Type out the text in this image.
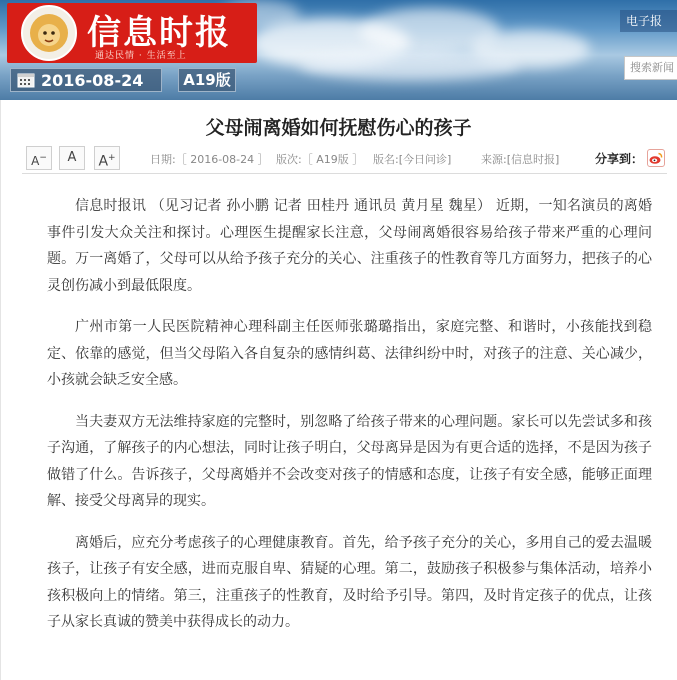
信息时报
通达民情 · 生活至上
电子报
搜索新闻
2016-08-24	A19版
父母闹离婚如何抚慰伤心的孩子
A−	A	A+	日期:［ 2016-08-24 ］ 版次:［ A19版 ］ 版名:[今日问诊]	来源:[信息时报]	分享到：

信息时报讯 （见习记者 孙小鹏 记者 田桂丹 通讯员 黄月星 魏星） 近期，一知名演员的离婚事件引发大众关注和探讨。心理医生提醒家长注意，父母闹离婚很容易给孩子带来严重的心理问题。万一离婚了，父母可以从给予孩子充分的关心、注重孩子的性教育等几方面努力，把孩子的心灵创伤减小到最低限度。

广州市第一人民医院精神心理科副主任医师张璐璐指出，家庭完整、和谐时，小孩能找到稳定、依靠的感觉，但当父母陷入各自复杂的感情纠葛、法律纠纷中时，对孩子的注意、关心减少，小孩就会缺乏安全感。

当夫妻双方无法维持家庭的完整时，别忽略了给孩子带来的心理问题。家长可以先尝试多和孩子沟通，了解孩子的内心想法，同时让孩子明白，父母离异是因为有更合适的选择，不是因为孩子做错了什么。告诉孩子，父母离婚并不会改变对孩子的情感和态度，让孩子有安全感，能够正面理解、接受父母离异的现实。

离婚后，应充分考虑孩子的心理健康教育。首先，给予孩子充分的关心，多用自己的爱去温暖孩子，让孩子有安全感，进而克服自卑、猜疑的心理。第二，鼓励孩子积极参与集体活动，培养小孩积极向上的情绪。第三，注重孩子的性教育，及时给予引导。第四，及时肯定孩子的优点，让孩子从家长真诚的赞美中获得成长的动力。
